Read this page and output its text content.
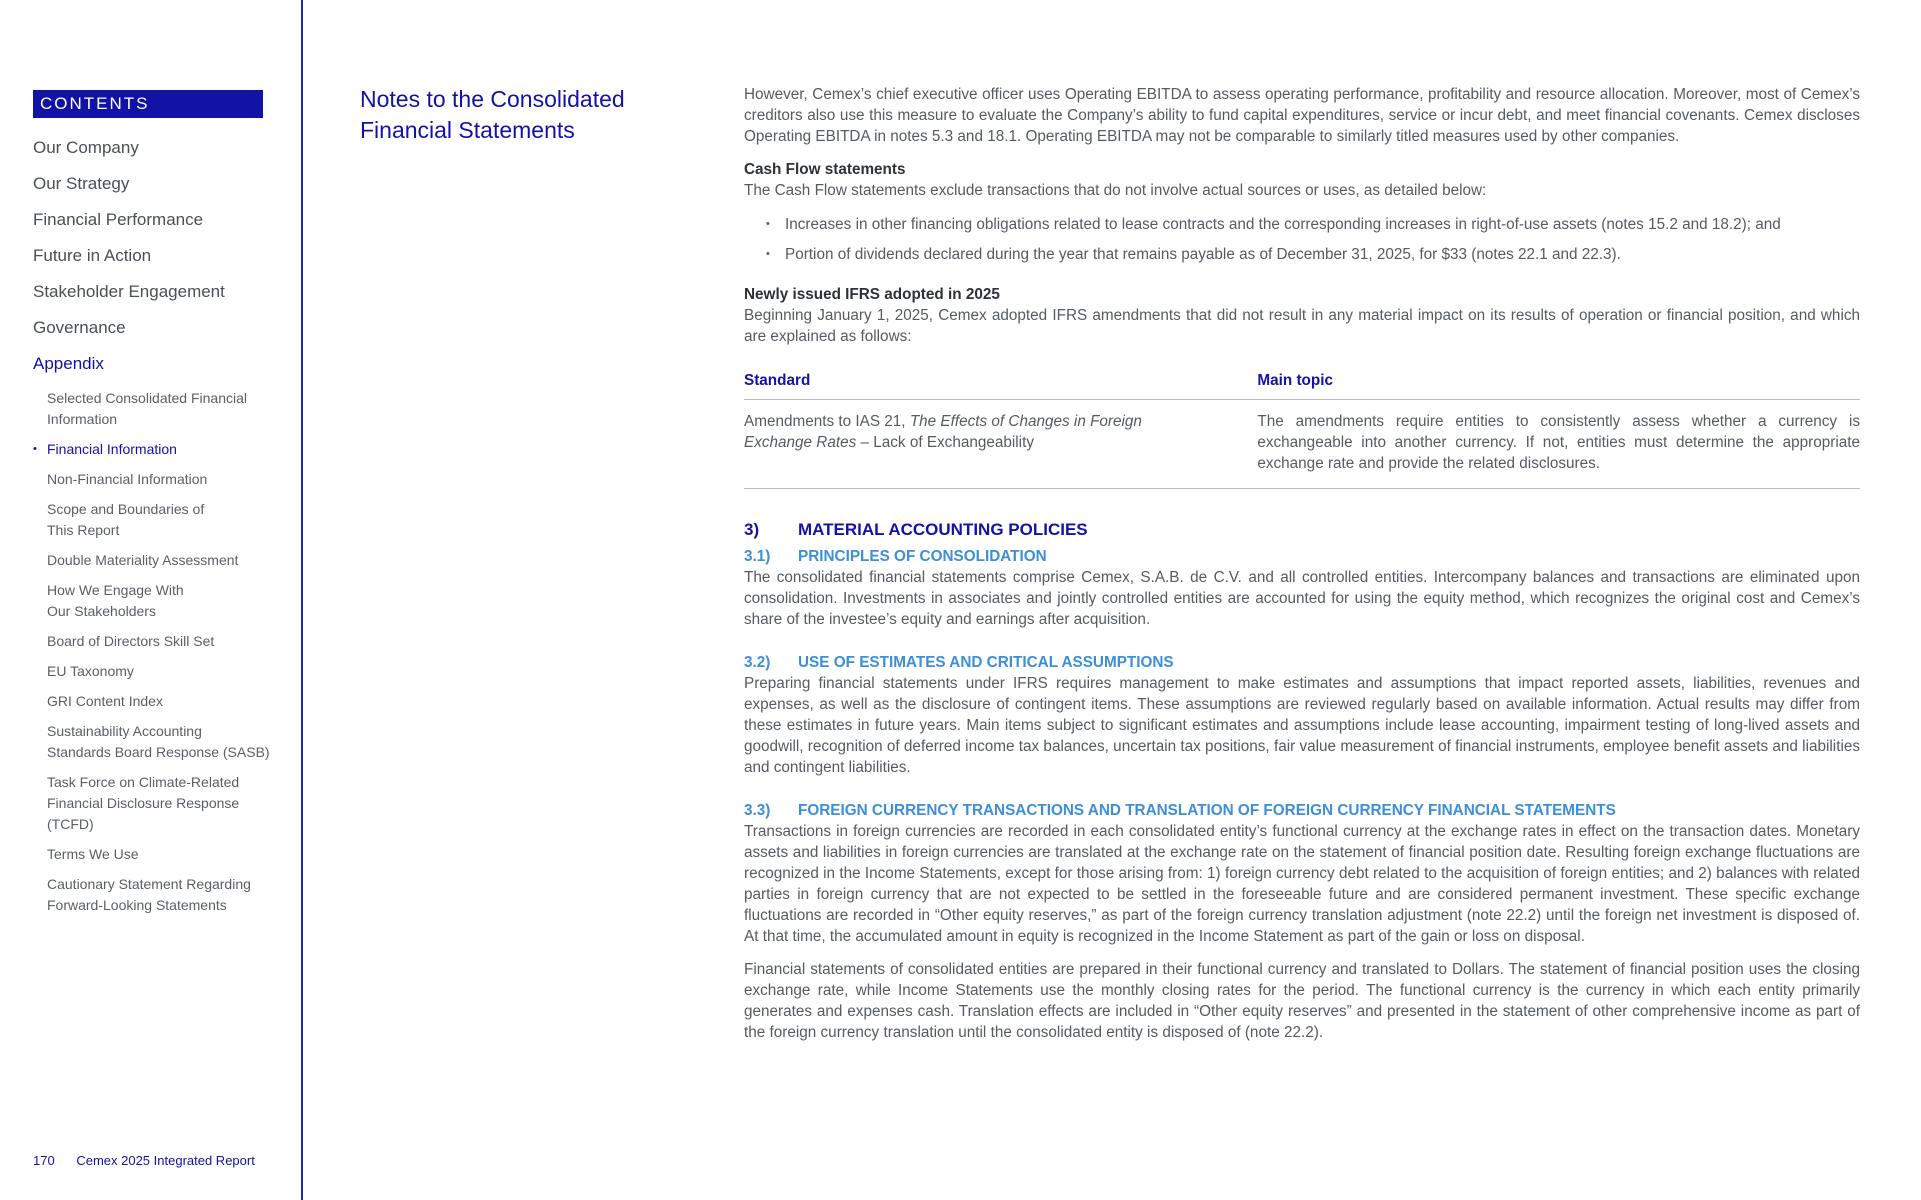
CONTENTS
Our Company
Our Strategy
Financial Performance
Future in Action
Stakeholder Engagement
Governance
Appendix
Selected Consolidated Financial
Information
• Financial Information
Non-Financial Information
Scope and Boundaries of
This Report
Double Materiality Assessment
How We Engage With
Our Stakeholders
Board of Directors Skill Set
EU Taxonomy
GRI Content Index
Sustainability Accounting
Standards Board Response (SASB)
Task Force on Climate-Related
Financial Disclosure Response
(TCFD)
Terms We Use
Cautionary Statement Regarding
Forward-Looking Statements
170 Cemex 2025 Integrated Report
Notes to the Consolidated Financial Statements

However, Cemex’s chief executive officer uses Operating EBITDA to assess operating performance, profitability and resource allocation. Moreover, most of Cemex’s creditors also use this measure to evaluate the Company’s ability to fund capital expenditures, service or incur debt, and meet financial covenants. Cemex discloses Operating EBITDA in notes 5.3 and 18.1. Operating EBITDA may not be comparable to similarly titled measures used by other companies.

Cash Flow statements

The Cash Flow statements exclude transactions that do not involve actual sources or uses, as detailed below:

• Increases in other financing obligations related to lease contracts and the corresponding increases in right-of-use assets (notes 15.2 and 18.2); and
• Portion of dividends declared during the year that remains payable as of December 31, 2025, for $33 (notes 22.1 and 22.3).

Newly issued IFRS adopted in 2025

Beginning January 1, 2025, Cemex adopted IFRS amendments that did not result in any material impact on its results of operation or financial position, and which are explained as follows:

Standard	Main topic
Amendments to IAS 21, The Effects of Changes in Foreign Exchange Rates – Lack of Exchangeability	The amendments require entities to consistently assess whether a currency is exchangeable into another currency. If not, entities must determine the appropriate exchange rate and provide the related disclosures.
3)	MATERIAL ACCOUNTING POLICIES
3.1)	PRINCIPLES OF CONSOLIDATION

The consolidated financial statements comprise Cemex, S.A.B. de C.V. and all controlled entities. Intercompany balances and transactions are eliminated upon consolidation. Investments in associates and jointly controlled entities are accounted for using the equity method, which recognizes the original cost and Cemex’s share of the investee’s equity and earnings after acquisition.

3.2)	USE OF ESTIMATES AND CRITICAL ASSUMPTIONS

Preparing financial statements under IFRS requires management to make estimates and assumptions that impact reported assets, liabilities, revenues and expenses, as well as the disclosure of contingent items. These assumptions are reviewed regularly based on available information. Actual results may differ from these estimates in future years. Main items subject to significant estimates and assumptions include lease accounting, impairment testing of long-lived assets and goodwill, recognition of deferred income tax balances, uncertain tax positions, fair value measurement of financial instruments, employee benefit assets and liabilities and contingent liabilities.

3.3)	FOREIGN CURRENCY TRANSACTIONS AND TRANSLATION OF FOREIGN CURRENCY FINANCIAL STATEMENTS

Transactions in foreign currencies are recorded in each consolidated entity’s functional currency at the exchange rates in effect on the transaction dates. Monetary assets and liabilities in foreign currencies are translated at the exchange rate on the statement of financial position date. Resulting foreign exchange fluctuations are recognized in the Income Statements, except for those arising from: 1) foreign currency debt related to the acquisition of foreign entities; and 2) balances with related parties in foreign currency that are not expected to be settled in the foreseeable future and are considered permanent investment. These specific exchange fluctuations are recorded in “Other equity reserves,” as part of the foreign currency translation adjustment (note 22.2) until the foreign net investment is disposed of. At that time, the accumulated amount in equity is recognized in the Income Statement as part of the gain or loss on disposal.

Financial statements of consolidated entities are prepared in their functional currency and translated to Dollars. The statement of financial position uses the closing exchange rate, while Income Statements use the monthly closing rates for the period. The functional currency is the currency in which each entity primarily generates and expenses cash. Translation effects are included in “Other equity reserves” and presented in the statement of other comprehensive income as part of the foreign currency translation until the consolidated entity is disposed of (note 22.2).
